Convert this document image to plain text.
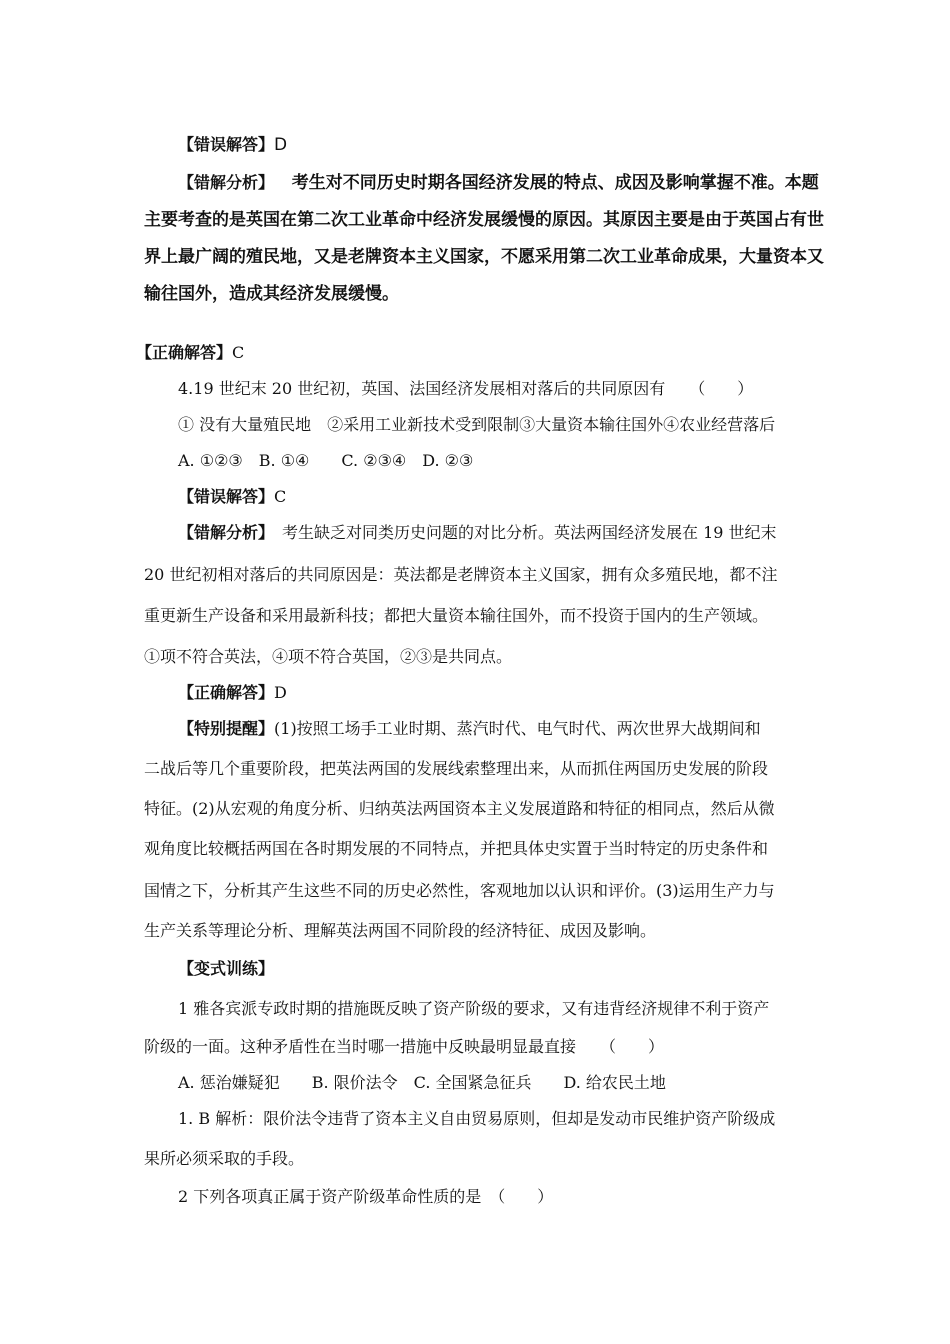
【错误解答】D
【错解分析】 考生对不同历史时期各国经济发展的特点、成因及影响掌握不准。本题
主要考查的是英国在第二次工业革命中经济发展缓慢的原因。其原因主要是由于英国占有世
界上最广阔的殖民地，又是老牌资本主义国家，不愿采用第二次工业革命成果，大量资本又
输往国外，造成其经济发展缓慢。
【正确解答】C
4.19 世纪末 20 世纪初，英国、法国经济发展相对落后的共同原因有　　（　　）
① 没有大量殖民地　②采用工业新技术受到限制③大量资本输往国外④农业经营落后
A. ①②③　B. ①④　　C. ②③④　D. ②③
【错误解答】C
【错解分析】　考生缺乏对同类历史问题的对比分析。英法两国经济发展在 19 世纪末
20 世纪初相对落后的共同原因是：英法都是老牌资本主义国家，拥有众多殖民地，都不注
重更新生产设备和采用最新科技；都把大量资本输往国外，而不投资于国内的生产领域。
①项不符合英法，④项不符合英国，②③是共同点。
【正确解答】D
【特别提醒】(1)按照工场手工业时期、蒸汽时代、电气时代、两次世界大战期间和
二战后等几个重要阶段，把英法两国的发展线索整理出来，从而抓住两国历史发展的阶段
特征。(2)从宏观的角度分析、归纳英法两国资本主义发展道路和特征的相同点，然后从微
观角度比较概括两国在各时期发展的不同特点，并把具体史实置于当时特定的历史条件和
国情之下，分析其产生这些不同的历史必然性，客观地加以认识和评价。(3)运用生产力与
生产关系等理论分析、理解英法两国不同阶段的经济特征、成因及影响。
【变式训练】
1 雅各宾派专政时期的措施既反映了资产阶级的要求，又有违背经济规律不利于资产
阶级的一面。这种矛盾性在当时哪一措施中反映最明显最直接　　（　　）
A. 惩治嫌疑犯　　B. 限价法令　C. 全国紧急征兵　　D. 给农民土地
1. B 解析：限价法令违背了资本主义自由贸易原则，但却是发动市民维护资产阶级成
果所必须采取的手段。
2 下列各项真正属于资产阶级革命性质的是　（　　）
